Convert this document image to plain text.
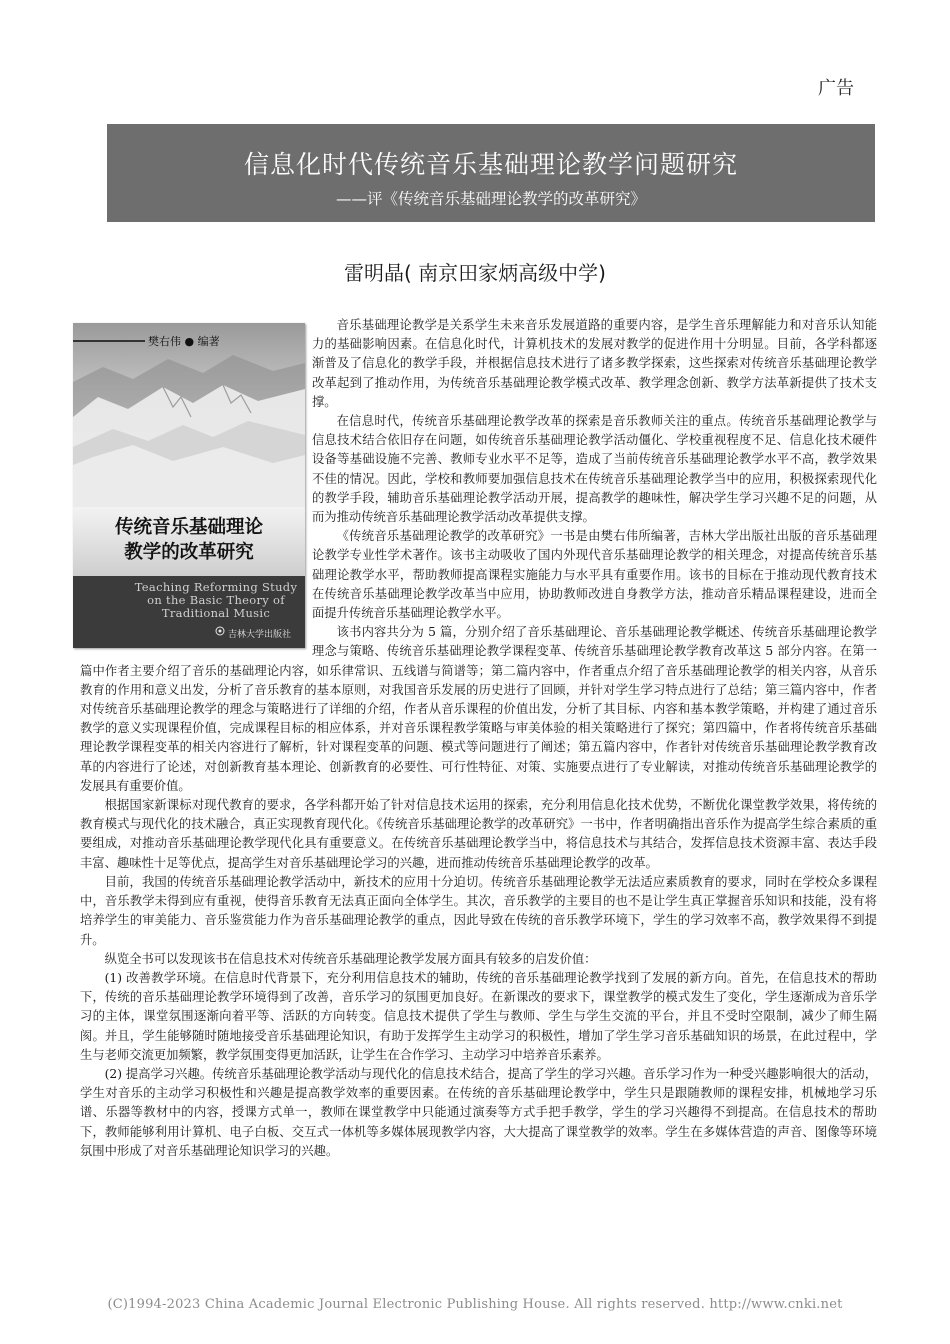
广告
信息化时代传统音乐基础理论教学问题研究
——评《传统音乐基础理论教学的改革研究》
雷明晶( 南京田家炳高级中学)
樊右伟 ● 编著
传统音乐基础理论
教学的改革研究
Teaching Reforming Study
on the Basic Theory of
Traditional Music
吉林大学出版社

音乐基础理论教学是关系学生未来音乐发展道路的重要内容，是学生音乐理解能力和对音乐认知能力的基础影响因素。在信息化时代，计算机技术的发展对教学的促进作用十分明显。目前，各学科都逐渐普及了信息化的教学手段，并根据信息技术进行了诸多教学探索，这些探索对传统音乐基础理论教学改革起到了推动作用，为传统音乐基础理论教学模式改革、教学理念创新、教学方法革新提供了技术支撑。

在信息时代，传统音乐基础理论教学改革的探索是音乐教师关注的重点。传统音乐基础理论教学与信息技术结合依旧存在问题，如传统音乐基础理论教学活动僵化、学校重视程度不足、信息化技术硬件设备等基础设施不完善、教师专业水平不足等，造成了当前传统音乐基础理论教学水平不高，教学效果不佳的情况。因此，学校和教师要加强信息技术在传统音乐基础理论教学当中的应用，积极探索现代化的教学手段，辅助音乐基础理论教学活动开展，提高教学的趣味性，解决学生学习兴趣不足的问题，从而为推动传统音乐基础理论教学活动改革提供支撑。

《传统音乐基础理论教学的改革研究》一书是由樊右伟所编著，吉林大学出版社出版的音乐基础理论教学专业性学术著作。该书主动吸收了国内外现代音乐基础理论教学的相关理念，对提高传统音乐基础理论教学水平，帮助教师提高课程实施能力与水平具有重要作用。该书的目标在于推动现代教育技术在传统音乐基础理论教学改革当中应用，协助教师改进自身教学方法，推动音乐精品课程建设，进而全面提升传统音乐基础理论教学水平。

该书内容共分为 5 篇，分别介绍了音乐基础理论、音乐基础理论教学概述、传统音乐基础理论教学理念与策略、传统音乐基础理论教学课程变革、传统音乐基础理论教学教育改革这 5 部分内容。在第一篇中作者主要介绍了音乐的基础理论内容，如乐律常识、五线谱与简谱等；第二篇内容中，作者重点介绍了音乐基础理论教学的相关内容，从音乐教育的作用和意义出发，分析了音乐教育的基本原则，对我国音乐发展的历史进行了回顾，并针对学生学习特点进行了总结；第三篇内容中，作者对传统音乐基础理论教学的理念与策略进行了详细的介绍，作者从音乐课程的价值出发，分析了其目标、内容和基本教学策略，并构建了通过音乐教学的意义实现课程价值，完成课程目标的相应体系，并对音乐课程教学策略与审美体验的相关策略进行了探究；第四篇中，作者将传统音乐基础理论教学课程变革的相关内容进行了解析，针对课程变革的问题、模式等问题进行了阐述；第五篇内容中，作者针对传统音乐基础理论教学教育改革的内容进行了论述，对创新教育基本理论、创新教育的必要性、可行性特征、对策、实施要点进行了专业解读，对推动传统音乐基础理论教学的发展具有重要价值。

根据国家新课标对现代教育的要求，各学科都开始了针对信息技术运用的探索，充分利用信息化技术优势，不断优化课堂教学效果，将传统的教育模式与现代化的技术融合，真正实现教育现代化。《传统音乐基础理论教学的改革研究》一书中，作者明确指出音乐作为提高学生综合素质的重要组成，对推动音乐基础理论教学现代化具有重要意义。在传统音乐基础理论教学当中，将信息技术与其结合，发挥信息技术资源丰富、表达手段丰富、趣味性十足等优点，提高学生对音乐基础理论学习的兴趣，进而推动传统音乐基础理论教学的改革。

目前，我国的传统音乐基础理论教学活动中，新技术的应用十分迫切。传统音乐基础理论教学无法适应素质教育的要求，同时在学校众多课程中，音乐教学未得到应有重视，使得音乐教育无法真正面向全体学生。其次，音乐教学的主要目的也不是让学生真正掌握音乐知识和技能，没有将培养学生的审美能力、音乐鉴赏能力作为音乐基础理论教学的重点，因此导致在传统的音乐教学环境下，学生的学习效率不高，教学效果得不到提升。

纵览全书可以发现该书在信息技术对传统音乐基础理论教学发展方面具有较多的启发价值：

(1) 改善教学环境。在信息时代背景下，充分利用信息技术的辅助，传统的音乐基础理论教学找到了发展的新方向。首先，在信息技术的帮助下，传统的音乐基础理论教学环境得到了改善，音乐学习的氛围更加良好。在新课改的要求下，课堂教学的模式发生了变化，学生逐渐成为音乐学习的主体，课堂氛围逐渐向着平等、活跃的方向转变。信息技术提供了学生与教师、学生与学生交流的平台，并且不受时空限制，减少了师生隔阂。并且，学生能够随时随地接受音乐基础理论知识，有助于发挥学生主动学习的积极性，增加了学生学习音乐基础知识的场景，在此过程中，学生与老师交流更加频繁，教学氛围变得更加活跃，让学生在合作学习、主动学习中培养音乐素养。

(2) 提高学习兴趣。传统音乐基础理论教学活动与现代化的信息技术结合，提高了学生的学习兴趣。音乐学习作为一种受兴趣影响很大的活动，学生对音乐的主动学习积极性和兴趣是提高教学效率的重要因素。在传统的音乐基础理论教学中，学生只是跟随教师的课程安排，机械地学习乐谱、乐器等教材中的内容，授课方式单一，教师在课堂教学中只能通过演奏等方式手把手教学，学生的学习兴趣得不到提高。在信息技术的帮助下，教师能够利用计算机、电子白板、交互式一体机等多媒体展现教学内容，大大提高了课堂教学的效率。学生在多媒体营造的声音、图像等环境氛围中形成了对音乐基础理论知识学习的兴趣。

(C)1994-2023 China Academic Journal Electronic Publishing House. All rights reserved. http://www.cnki.net
